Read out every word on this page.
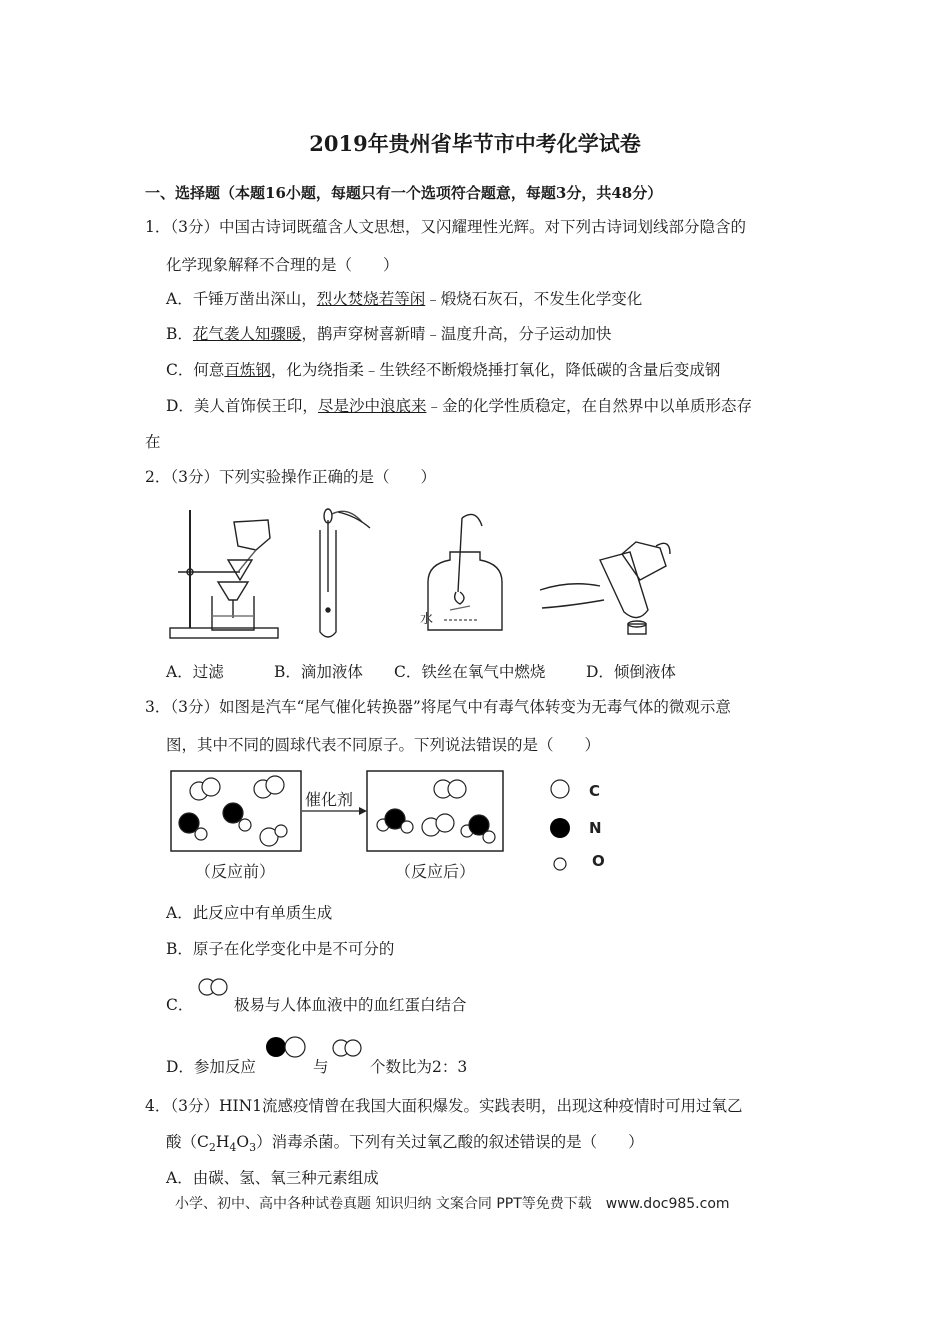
2019年贵州省毕节市中考化学试卷
一、选择题（本题16小题，每题只有一个选项符合题意，每题3分，共48分）
1．（3分）中国古诗词既蕴含人文思想，又闪耀理性光辉。对下列古诗词划线部分隐含的
化学现象解释不合理的是（　　）
A．千锤万凿出深山，烈火焚烧若等闲﹣煅烧石灰石，不发生化学变化
B．花气袭人知骤暖，鹊声穿树喜新晴﹣温度升高，分子运动加快
C．何意百炼钢，化为绕指柔﹣生铁经不断煅烧捶打氧化，降低碳的含量后变成钢
D．美人首饰侯王印，尽是沙中浪底来﹣金的化学性质稳定，在自然界中以单质形态存
在
2．（3分）下列实验操作正确的是（　　）
水
A．过滤	B．滴加液体 C．铁丝在氧气中燃烧	D．倾倒液体
3．（3分）如图是汽车“尾气催化转换器”将尾气中有毒气体转变为无毒气体的微观示意
图，其中不同的圆球代表不同原子。下列说法错误的是（　　）
催化剂
（反应前）	（反应后）
C
N
O
A．此反应中有单质生成
B．原子在化学变化中是不可分的
C．	极易与人体血液中的血红蛋白结合
D．参加反应	与	个数比为2：3
4．（3分）HIN1流感疫情曾在我国大面积爆发。实践表明，出现这种疫情时可用过氧乙
酸$(C_2H_4O_3)$消毒杀菌。下列有关过氧乙酸的叙述错误的是（　　）
A．由碳、氢、氧三种元素组成
小学、初中、高中各种试卷真题 知识归纳 文案合同 PPT等免费下载　www.doc985.com
